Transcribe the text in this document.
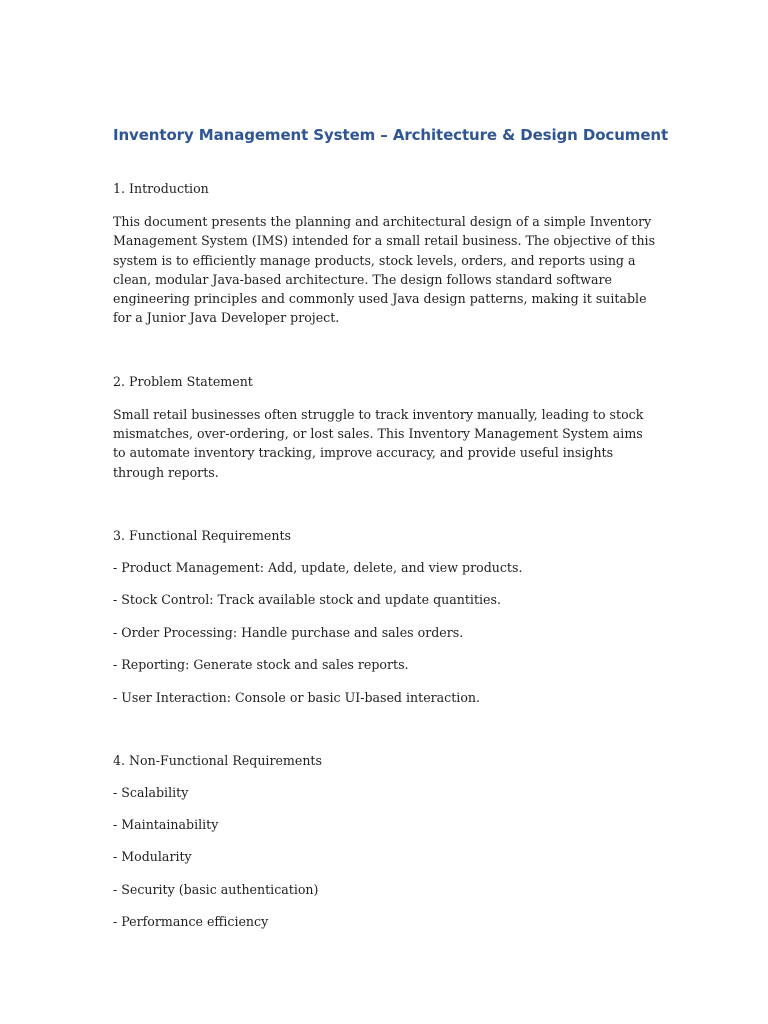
Inventory Management System – Architecture & Design Document
1. Introduction
This document presents the planning and architectural design of a simple Inventory Management System (IMS) intended for a small retail business. The objective of this system is to efficiently manage products, stock levels, orders, and reports using a clean, modular Java-based architecture. The design follows standard software engineering principles and commonly used Java design patterns, making it suitable for a Junior Java Developer project.
2. Problem Statement
Small retail businesses often struggle to track inventory manually, leading to stock mismatches, over-ordering, or lost sales. This Inventory Management System aims to automate inventory tracking, improve accuracy, and provide useful insights through reports.
3. Functional Requirements
- Product Management: Add, update, delete, and view products.
- Stock Control: Track available stock and update quantities.
- Order Processing: Handle purchase and sales orders.
- Reporting: Generate stock and sales reports.
- User Interaction: Console or basic UI-based interaction.
4. Non-Functional Requirements
- Scalability
- Maintainability
- Modularity
- Security (basic authentication)
- Performance efficiency
